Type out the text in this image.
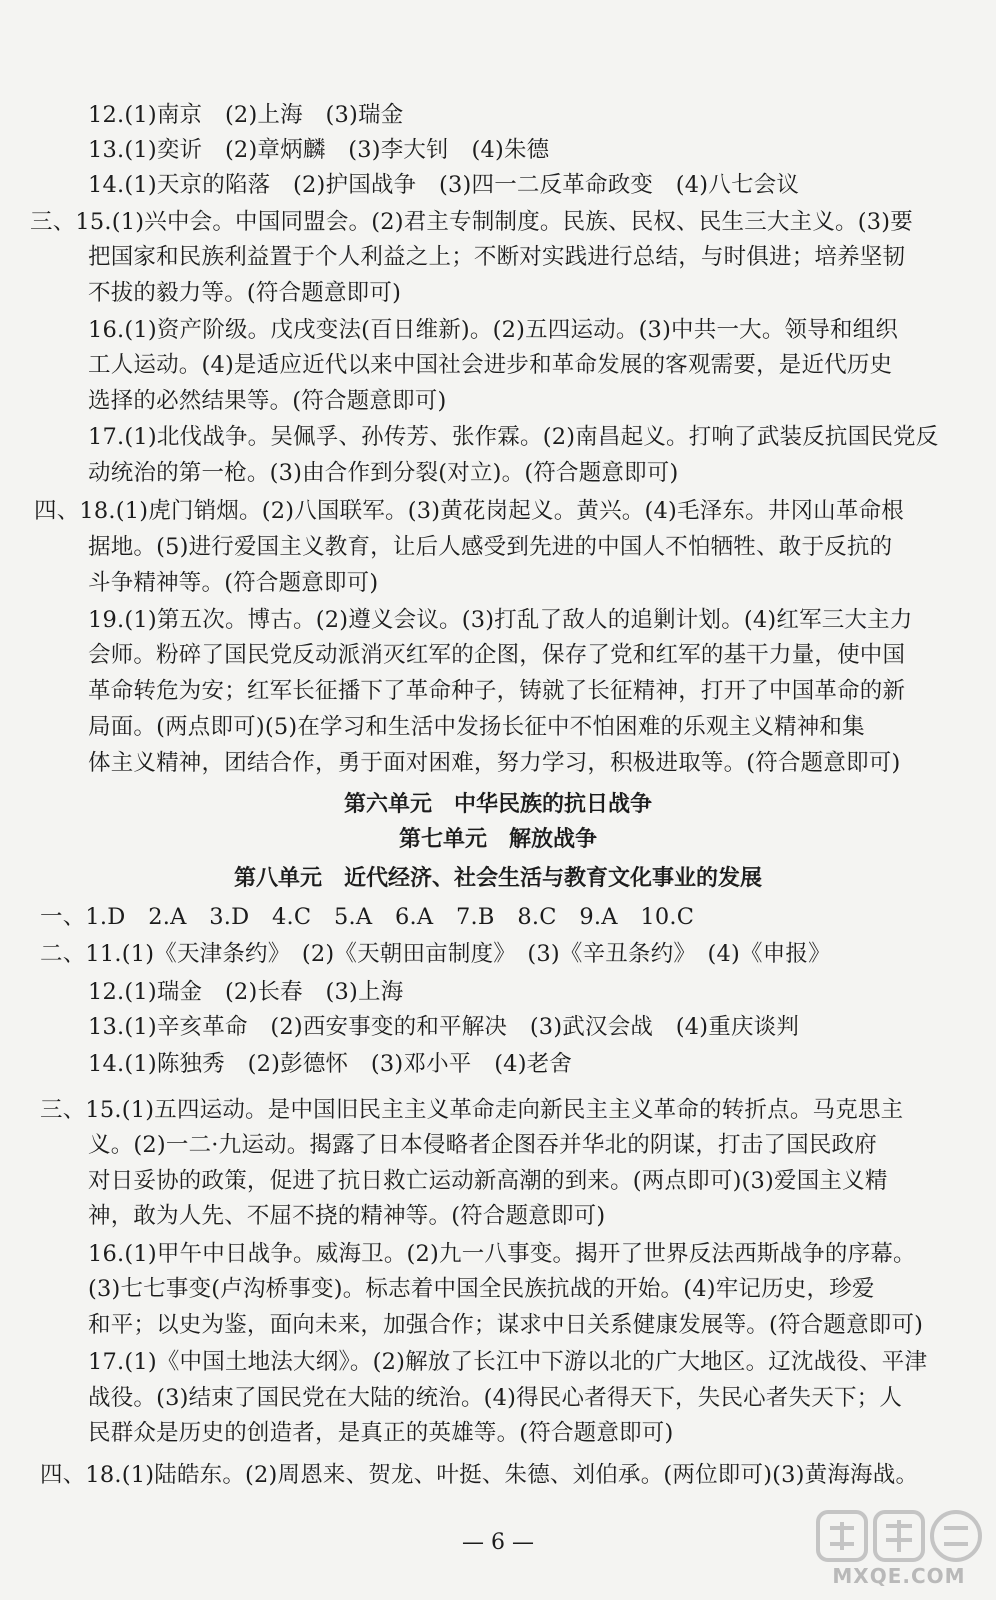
12.(1)南京　(2)上海　(3)瑞金
13.(1)奕䜣　(2)章炳麟　(3)李大钊　(4)朱德
14.(1)天京的陷落　(2)护国战争　(3)四一二反革命政变　(4)八七会议
三、15.(1)兴中会。中国同盟会。(2)君主专制制度。民族、民权、民生三大主义。(3)要
把国家和民族利益置于个人利益之上；不断对实践进行总结，与时俱进；培养坚韧
不拔的毅力等。(符合题意即可)
16.(1)资产阶级。戊戌变法(百日维新)。(2)五四运动。(3)中共一大。领导和组织
工人运动。(4)是适应近代以来中国社会进步和革命发展的客观需要，是近代历史
选择的必然结果等。(符合题意即可)
17.(1)北伐战争。吴佩孚、孙传芳、张作霖。(2)南昌起义。打响了武装反抗国民党反
动统治的第一枪。(3)由合作到分裂(对立)。(符合题意即可)
四、18.(1)虎门销烟。(2)八国联军。(3)黄花岗起义。黄兴。(4)毛泽东。井冈山革命根
据地。(5)进行爱国主义教育，让后人感受到先进的中国人不怕牺牲、敢于反抗的
斗争精神等。(符合题意即可)
19.(1)第五次。博古。(2)遵义会议。(3)打乱了敌人的追剿计划。(4)红军三大主力
会师。粉碎了国民党反动派消灭红军的企图，保存了党和红军的基干力量，使中国
革命转危为安；红军长征播下了革命种子，铸就了长征精神，打开了中国革命的新
局面。(两点即可)(5)在学习和生活中发扬长征中不怕困难的乐观主义精神和集
体主义精神，团结合作，勇于面对困难，努力学习，积极进取等。(符合题意即可)
第六单元　中华民族的抗日战争
第七单元　解放战争
第八单元　近代经济、社会生活与教育文化事业的发展
一、1.D　2.A　3.D　4.C　5.A　6.A　7.B　8.C　9.A　10.C
二、11.(1)《天津条约》　(2)《天朝田亩制度》　(3)《辛丑条约》　(4)《申报》
12.(1)瑞金　(2)长春　(3)上海
13.(1)辛亥革命　(2)西安事变的和平解决　(3)武汉会战　(4)重庆谈判
14.(1)陈独秀　(2)彭德怀　(3)邓小平　(4)老舍
三、15.(1)五四运动。是中国旧民主主义革命走向新民主主义革命的转折点。马克思主
义。(2)一二·九运动。揭露了日本侵略者企图吞并华北的阴谋，打击了国民政府
对日妥协的政策，促进了抗日救亡运动新高潮的到来。(两点即可)(3)爱国主义精
神，敢为人先、不屈不挠的精神等。(符合题意即可)
16.(1)甲午中日战争。威海卫。(2)九一八事变。揭开了世界反法西斯战争的序幕。
(3)七七事变(卢沟桥事变)。标志着中国全民族抗战的开始。(4)牢记历史，珍爱
和平；以史为鉴，面向未来，加强合作；谋求中日关系健康发展等。(符合题意即可)
17.(1)《中国土地法大纲》。(2)解放了长江中下游以北的广大地区。辽沈战役、平津
战役。(3)结束了国民党在大陆的统治。(4)得民心者得天下，失民心者失天下；人
民群众是历史的创造者，是真正的英雄等。(符合题意即可)
四、18.(1)陆皓东。(2)周恩来、贺龙、叶挺、朱德、刘伯承。(两位即可)(3)黄海海战。
— 6 —
MXQE.COM
